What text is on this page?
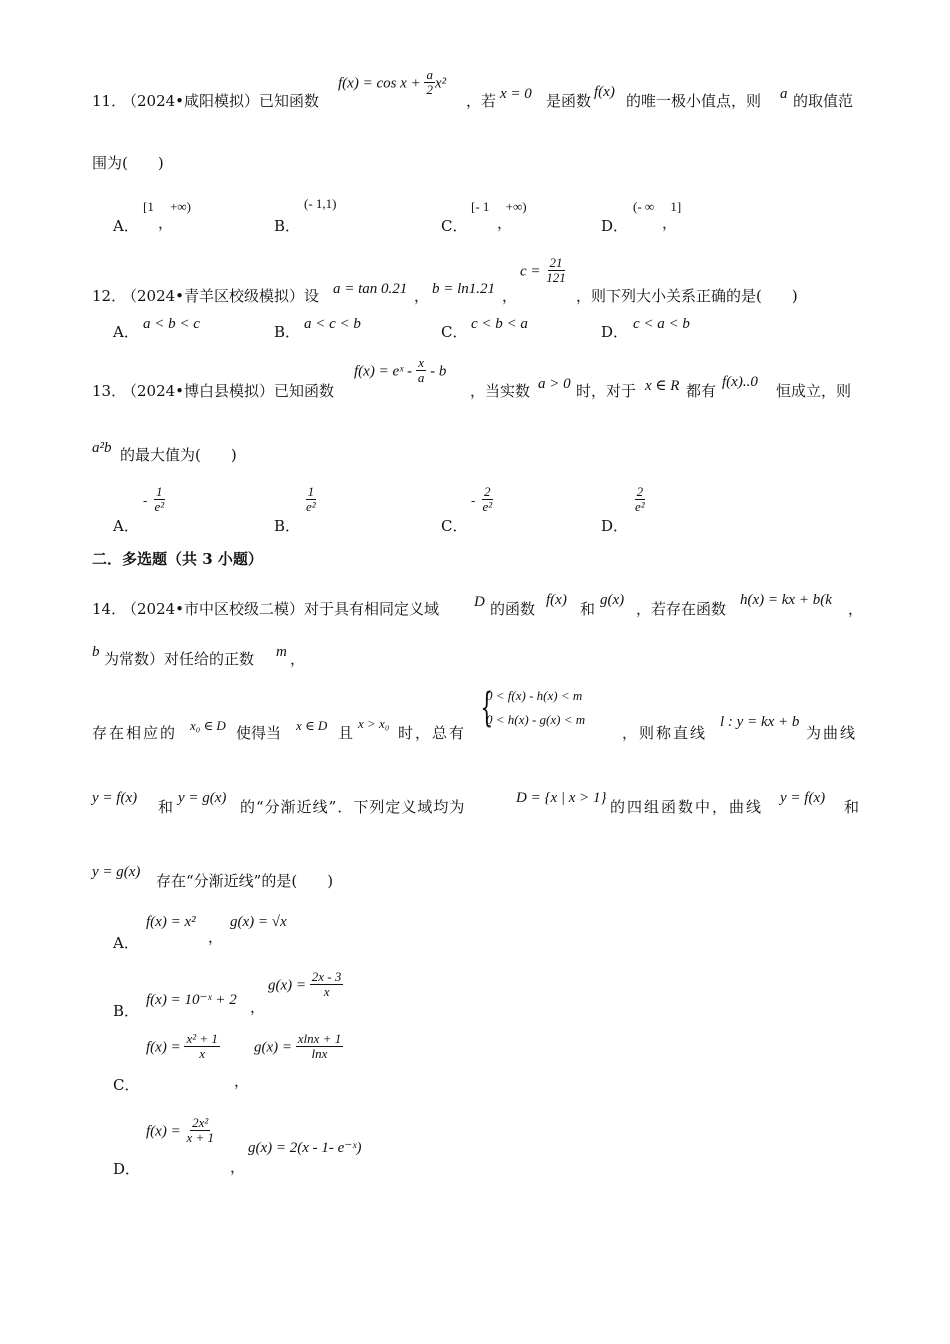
11．
（2024•咸阳模拟）已知函数
$f(x) = \cos x + \frac{a}{2} x^2$
，若 x = 0 是函数 f(x) 的唯一极小值点，则 a 的取值范
围为(　　)
A．
[1　 +∞)
，	B．
(- 1,1)
C．
[- 1　 +∞)
，	D．
(- ∞　 1]
，
12．
（2024•青羊区校级模拟）设 a = tan 0.21 ， b = ln1.21 ，
$c = \frac{21}{121}$
，则下列大小关系正确的是(　　)
A． a < b < c	B． a < c < b	C． c < b < a	D． c < a < b
13．
（2024•博白县模拟）已知函数
f(x) = eˣ - $\frac{x}{a}$ - b
，当实数 a > 0 时，对于 x ∈ R 都有 f(x)..0 恒成立，则
a²b 的最大值为(　　)
A．
- $\frac{1}{\text{e²}}$
B．
$\frac{1}{\text{e²}}$
C．
- $\frac{2}{\text{e²}}$
D．
$\frac{2}{\text{e²}}$
二．多选题（共 3 小题）
14．
（2024•市中区校级二模）对于具有相同定义域 D 的函数 f(x) 和 g(x) ，若存在函数 h(x) = kx + b(k ，
b 为常数）对任给的正数 m ，
存在相应的 x₀ ∈ D 使得当 x ∈ D 且
x > x₀
时，总有
{
0 < f(x) - h(x) < m
0 < h(x) - g(x) < m
，则称直线
l : y = kx + b
为曲线
y = f(x) 和 y = g(x) 的“分渐近线”．下列定义域均为	D = {x | x > 1} 的四组函数中，曲线 y = f(x) 和
y = g(x) 存在“分渐近线”的是(　　)
A．
f(x) = x²
，
g(x) = √x
B．
f(x) = 10⁻ˣ + 2 ，
$g(x) = \frac{2x - 3}{x}$
C．
$f(x) = \frac{\text{x² + 1}}{x}$
，
$g(x) = \frac{xlnx + 1}{\ln x}$
D．
$f(x) = \frac{\text{2x²}}{x + 1}$
，
g(x) = 2(x - 1- e⁻ˣ)
